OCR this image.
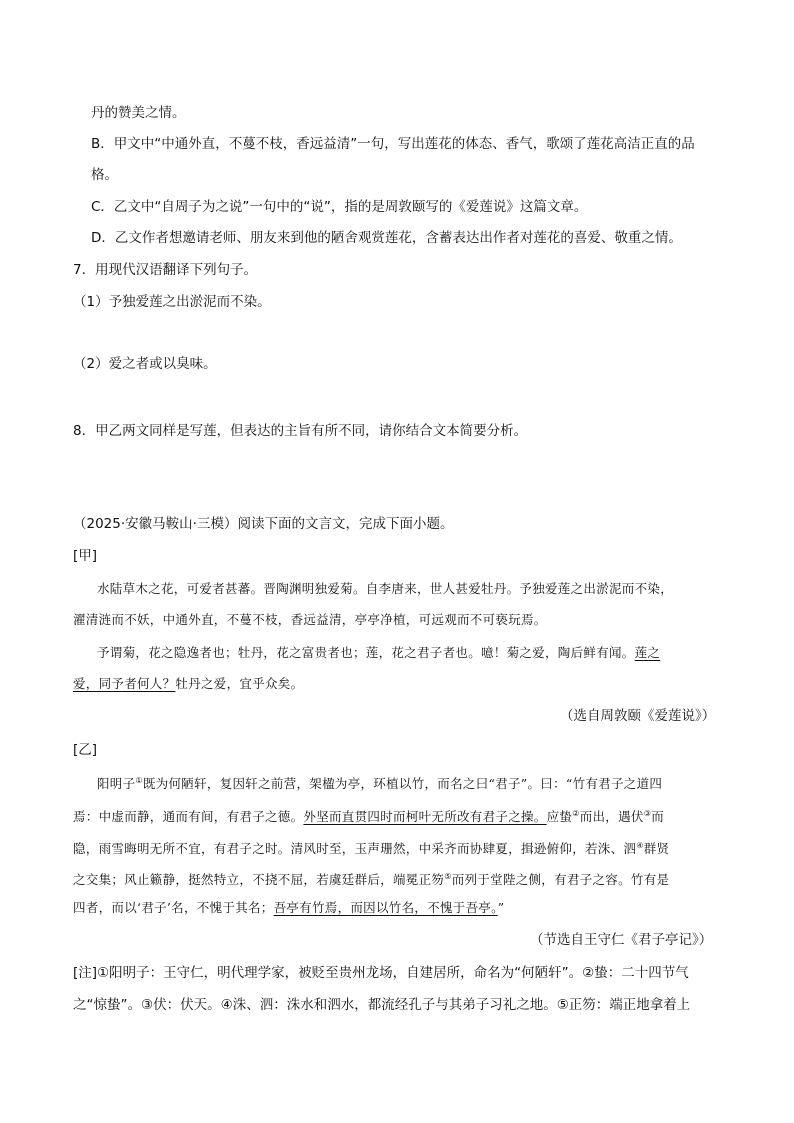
丹的赞美之情。
B．甲文中“中通外直，不蔓不枝，香远益清”一句，写出莲花的体态、香气，歌颂了莲花高洁正直的品
格。
C．乙文中“自周子为之说”一句中的“说”，指的是周敦颐写的《爱莲说》这篇文章。
D．乙文作者想邀请老师、朋友来到他的陋舍观赏莲花，含蓄表达出作者对莲花的喜爱、敬重之情。
7．用现代汉语翻译下列句子。
（1）予独爱莲之出淤泥而不染。
（2）爱之者或以臭味。
8．甲乙两文同样是写莲，但表达的主旨有所不同，请你结合文本简要分析。
（2025·安徽马鞍山·三模）阅读下面的文言文，完成下面小题。
[甲]
水陆草木之花，可爱者甚蕃。晋陶渊明独爱菊。自李唐来，世人甚爱牡丹。予独爱莲之出淤泥而不染，
濯清涟而不妖，中通外直，不蔓不枝，香远益清，亭亭净植，可远观而不可亵玩焉。
予谓菊，花之隐逸者也；牡丹，花之富贵者也；莲，花之君子者也。噫！菊之爱，陶后鲜有闻。莲之
爱，同予者何人？牡丹之爱，宜乎众矣。
（选自周敦颐《爱莲说》）
[乙]
阳明子①既为何陋轩，复因轩之前营，架楹为亭，环植以竹，而名之曰“君子”。曰：“竹有君子之道四
焉：中虚而静，通而有间，有君子之德。外坚而直贯四时而柯叶无所改有君子之操。应蛰②而出，遇伏③而
隐，雨雪晦明无所不宜，有君子之时。清风时至，玉声珊然，中采齐而协肆夏，揖逊俯仰，若洙、泗④群贤
之交集；风止籁静，挺然特立，不挠不屈，若虞廷群后，端冕正笏⑤而列于堂陛之侧，有君子之容。竹有是
四者，而以‘君子’名，不愧于其名；吾亭有竹焉，而因以竹名，不愧于吾亭。”
（节选自王守仁《君子亭记》）
[注]①阳明子：王守仁，明代理学家，被贬至贵州龙场，自建居所，命名为“何陋轩”。②蛰：二十四节气
之“惊蛰”。③伏：伏天。④洙、泗：洙水和泗水，都流经孔子与其弟子习礼之地。⑤正笏：端正地拿着上
